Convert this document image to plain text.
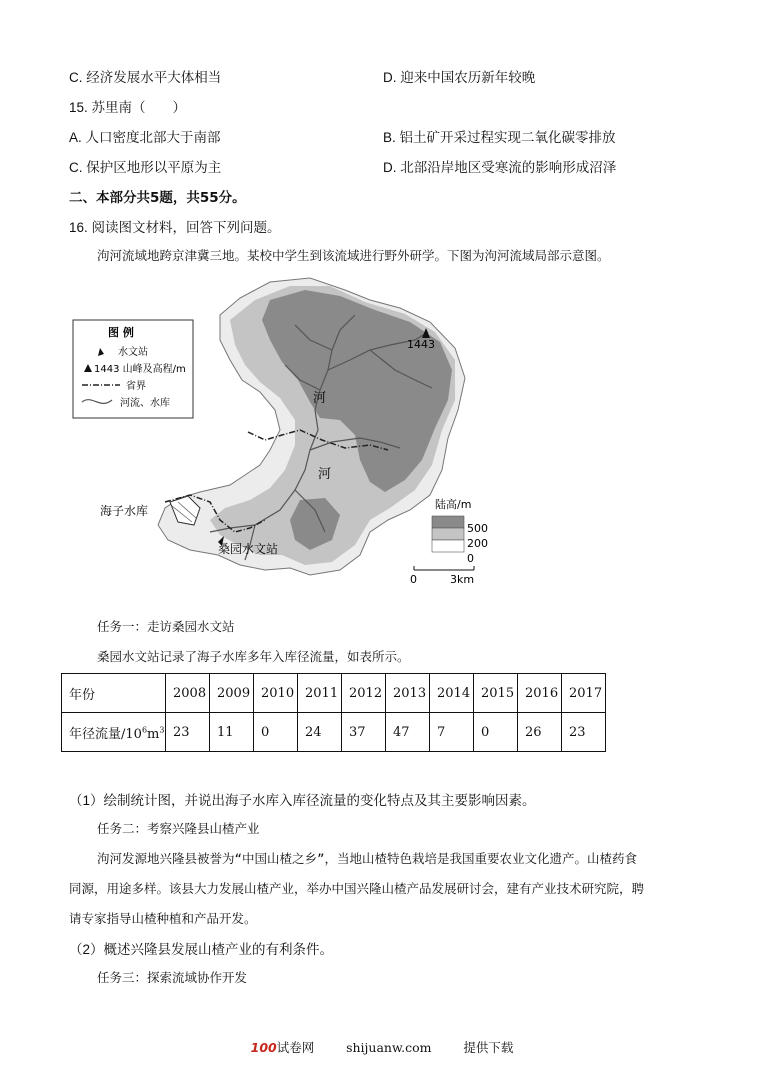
C. 经济发展水平大体相当	D. 迎来中国农历新年较晚
15. 苏里南（　　）
A. 人口密度北部大于南部	B. 铝土矿开采过程实现二氧化碳零排放
C. 保护区地形以平原为主	D. 北部沿岸地区受寒流的影响形成沼泽
二、本部分共5题，共55分。
16. 阅读图文材料，回答下列问题。
泃河流域地跨京津冀三地。某校中学生到该流域进行野外研学。下图为泃河流域局部示意图。
1443
河
河
海子水库
桑园水文站
图 例
水文站
1443 山峰及高程/m
省界
河流、水库
陆高/m
500
200
0
0	3km
任务一：走访桑园水文站
桑园水文站记录了海子水库多年入库径流量，如表所示。
年份	2008	2009	2010	2011	2012	2013	2014	2015	2016	2017
年径流量$/10^6m^3$	23	11	0	24	37	47	7	0	26	23
（1）绘制统计图，并说出海子水库入库径流量的变化特点及其主要影响因素。
任务二：考察兴隆县山楂产业
泃河发源地兴隆县被誉为“中国山楂之乡”，当地山楂特色栽培是我国重要农业文化遗产。山楂药食
同源，用途多样。该县大力发展山楂产业，举办中国兴隆山楂产品发展研讨会，建有产业技术研究院，聘
请专家指导山楂种植和产品开发。
（2）概述兴隆县发展山楂产业的有利条件。
任务三：探索流域协作开发
100试卷网	shijuanw.com	提供下载
